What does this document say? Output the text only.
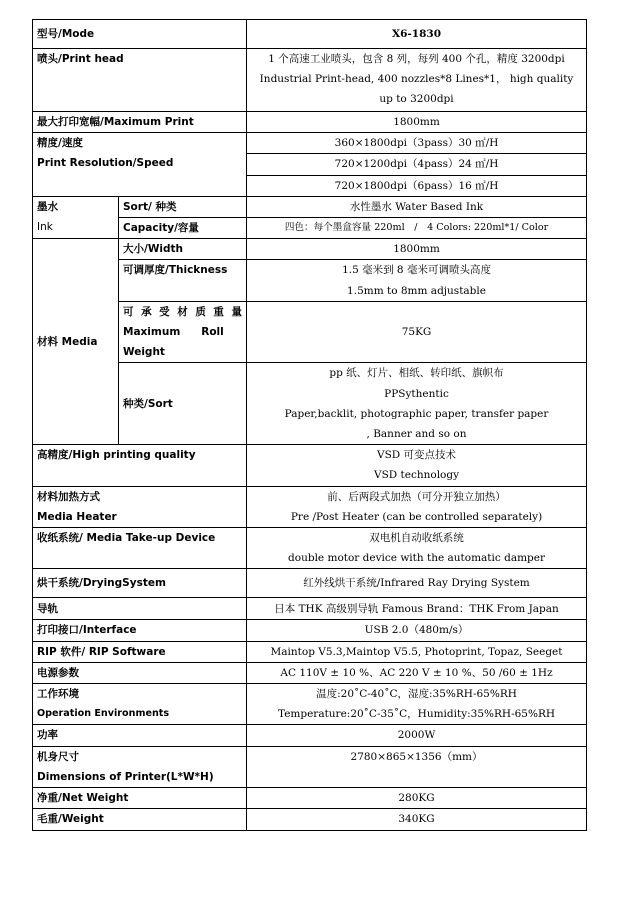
型号/Mode		X6-1830
喷头/Print head		1 个高速工业喷头，包含 8 列，每列 400 个孔，精度 3200dpi
Industrial Print-head, 400 nozzles*8 Lines*1， high quality
up to 3200dpi

最大打印宽幅/Maximum Print		1800mm

精度/速度
Print Resolution/Speed		360×1800dpi（3pass）30 ㎡/H
		720×1200dpi（4pass）24 ㎡/H
		720×1800dpi（6pass）16 ㎡/H

墨水
Ink	Sort/ 种类	水性墨水 Water Based Ink
	Capacity/容量	四色：每个墨盒容量 220ml　/　4 Colors: 220ml*1/ Color
材料 Media	大小/Width	1800mm
	可调厚度/Thickness	1.5 毫米到 8 毫米可调喷头高度
1.5mm to 8mm adjustable

	可承受材质重量
Maximum　　Roll
Weight	75KG
	种类/Sort	pp 纸、灯片、相纸、转印纸、旗帜布
PPSythentic
Paper,backlit, photographic paper, transfer paper
, Banner and so on

高精度/High printing quality		VSD 可变点技术
VSD technology

材料加热方式
Media Heater		前、后两段式加热（可分开独立加热）
Pre /Post Heater (can be controlled separately)

收纸系统/ Media Take-up Device		双电机自动收纸系统
double motor device with the automatic damper

烘干系统/DryingSystem		红外线烘干系统/Infrared Ray Drying System
导轨		日本 THK 高级别导轨 Famous Brand：THK From Japan
打印接口/Interface		USB 2.0（480m/s）
RIP 软件/ RIP Software		Maintop V5.3,Maintop V5.5, Photoprint, Topaz, Seeget
电源参数		AC 110V ± 10 %、AC 220 V ± 10 %、50 /60 ± 1Hz

工作环境
Operation Environments		温度:20˚C-40˚C，湿度:35%RH-65%RH
Temperature:20˚C-35˚C，Humidity:35%RH-65%RH

功率		2000W

机身尺寸
Dimensions of Printer(L*W*H)		2780×865×1356（mm）
净重/Net Weight		280KG
毛重/Weight		340KG
